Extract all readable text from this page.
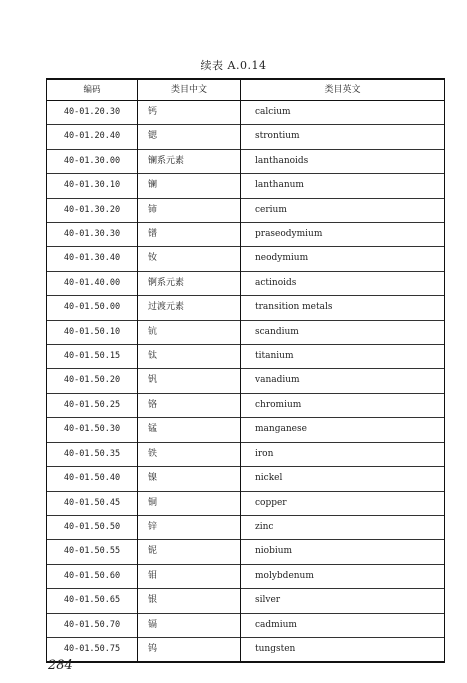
续表 A.0.14
编码	类目中文	类目英文
40-01.20.30	钙	calcium
40-01.20.40	锶	strontium
40-01.30.00	镧系元素	lanthanoids
40-01.30.10	镧	lanthanum
40-01.30.20	铈	cerium
40-01.30.30	镨	praseodymium
40-01.30.40	钕	neodymium
40-01.40.00	锕系元素	actinoids
40-01.50.00	过渡元素	transition metals
40-01.50.10	钪	scandium
40-01.50.15	钛	titanium
40-01.50.20	钒	vanadium
40-01.50.25	铬	chromium
40-01.50.30	锰	manganese
40-01.50.35	铁	iron
40-01.50.40	镍	nickel
40-01.50.45	铜	copper
40-01.50.50	锌	zinc
40-01.50.55	铌	niobium
40-01.50.60	钼	molybdenum
40-01.50.65	银	silver
40-01.50.70	镉	cadmium
40-01.50.75	钨	tungsten
284
